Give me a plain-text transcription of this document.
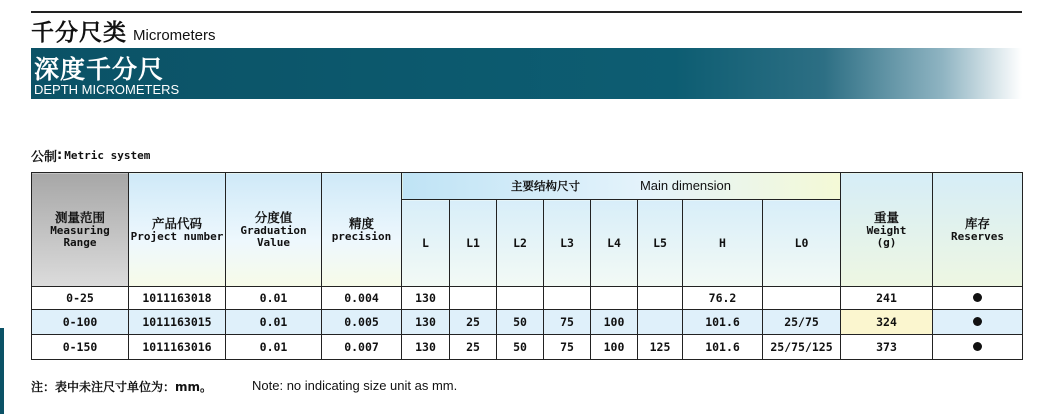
千分尺类 Micrometers
深度千分尺
DEPTH MICROMETERS
公制 : Metric system
测量范围
Measuring
Range	产品代码
Project number	分度值
Graduation
Value	精度
precision	主要结构尺寸 Main dimension								重量
Weight
(g)	库存
Reserves

				L	L1	L2	L3	L4	L5	H	L0		
0-25	1011163018	0.01	0.004	130						76.2		241	
0-100	1011163015	0.01	0.005	130	25	50	75	100		101.6	25/75	324	
0-150	1011163016	0.01	0.007	130	25	50	75	100	125	101.6	25/75/125	373	
注：表中未注尺寸单位为：mm。	Note: no indicating size unit as mm.
